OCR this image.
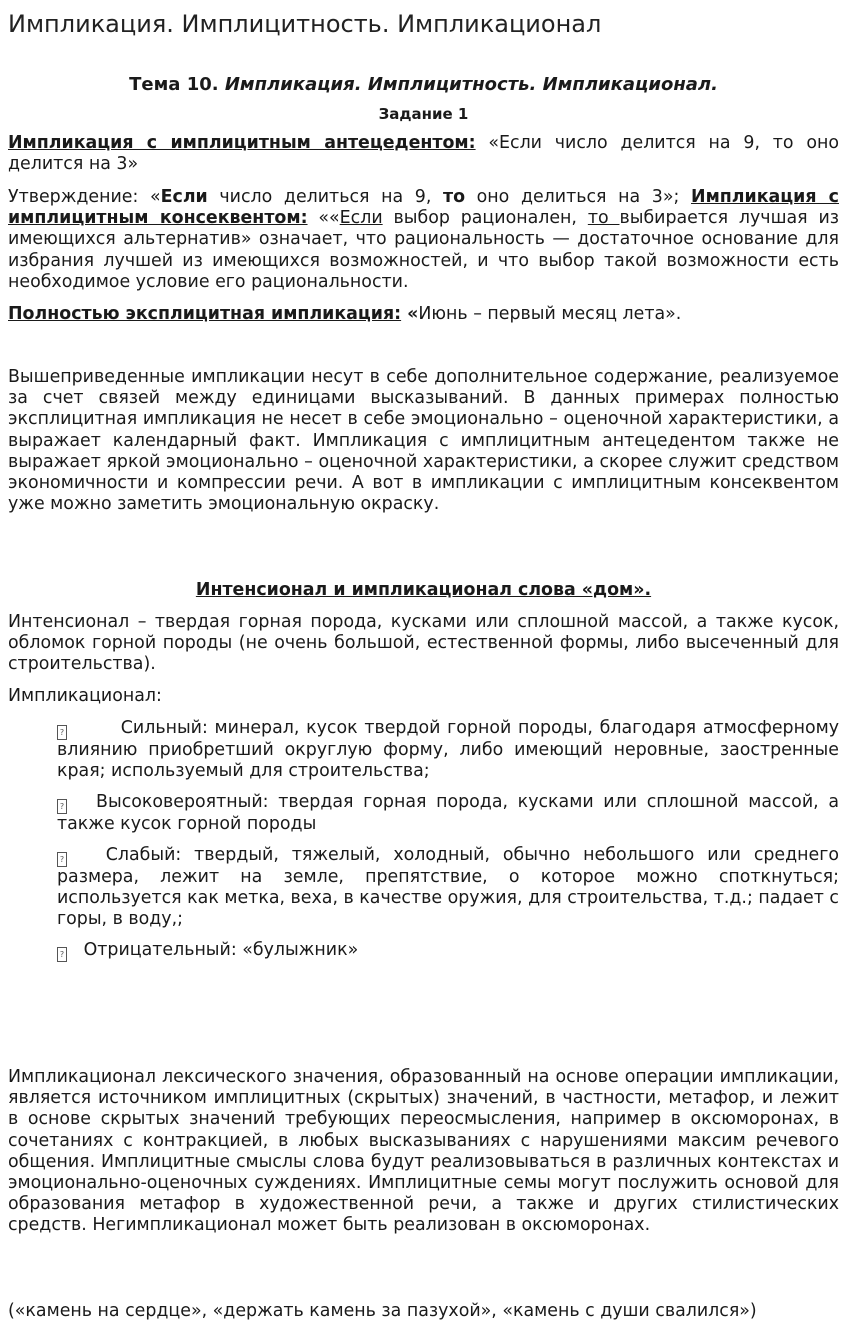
Импликация. Имплицитность. Импликационал
Тема 10. Импликация. Имплицитность. Импликационал.
Задание 1

Импликация с имплицитным антецедентом: «Если число делится на 9, то оно делится на 3»

Утверждение: «Если число делиться на 9, то оно делиться на 3»; Импликация с имплицитным консеквентом: ««Если выбор рационален, то выбирается лучшая из имеющихся альтернатив» означает, что рациональность — достаточное основание для избрания лучшей из имеющихся возможностей, и что выбор такой возможности есть необходимое условие его рациональности.

Полностью эксплицитная импликация: «Июнь – первый месяц лета».

Вышеприведенные импликации несут в себе дополнительное содержание, реализуемое за счет связей между единицами высказываний. В данных примерах полностью эксплицитная импликация не несет в себе эмоционально – оценочной характеристики, а выражает календарный факт. Импликация с имплицитным антецедентом также не выражает яркой эмоционально – оценочной характеристики, а скорее служит средством экономичности и компрессии речи. А вот в импликации с имплицитным консеквентом уже можно заметить эмоциональную окраску.

Интенсионал и импликационал слова «дом».

Интенсионал – твердая горная порода, кусками или сплошной массой, а также кусок, обломок горной породы (не очень большой, естественной формы, либо высеченный для строительства).

Импликационал:

?	Сильный: минерал, кусок твердой горной породы, благодаря атмосферному влиянию приобретший округлую форму, либо имеющий неровные, заостренные края; используемый для строительства;

? Высоковероятный: твердая горная порода, кусками или сплошной массой, а также кусок горной породы

? Слабый: твердый, тяжелый, холодный, обычно небольшого или среднего размера, лежит на земле, препятствие, о которое можно споткнуться; используется как метка, веха, в качестве оружия, для строительства, т.д.; падает с горы, в воду,;

? Отрицательный: «булыжник»

Импликационал лексического значения, образованный на основе операции импликации, является источником имплицитных (скрытых) значений, в частности, метафор, и лежит в основе скрытых значений требующих переосмысления, например в оксюморонах, в сочетаниях с контракцией, в любых высказываниях с нарушениями максим речевого общения. Имплицитные смыслы слова будут реализовываться в различных контекстах и эмоционально-оценочных суждениях. Имплицитные семы могут послужить основой для образования метафор в художественной речи, а также и других стилистических средств. Негимпликационал может быть реализован в оксюморонах.

(«камень на сердце», «держать камень за пазухой», «камень с души свалился»)
